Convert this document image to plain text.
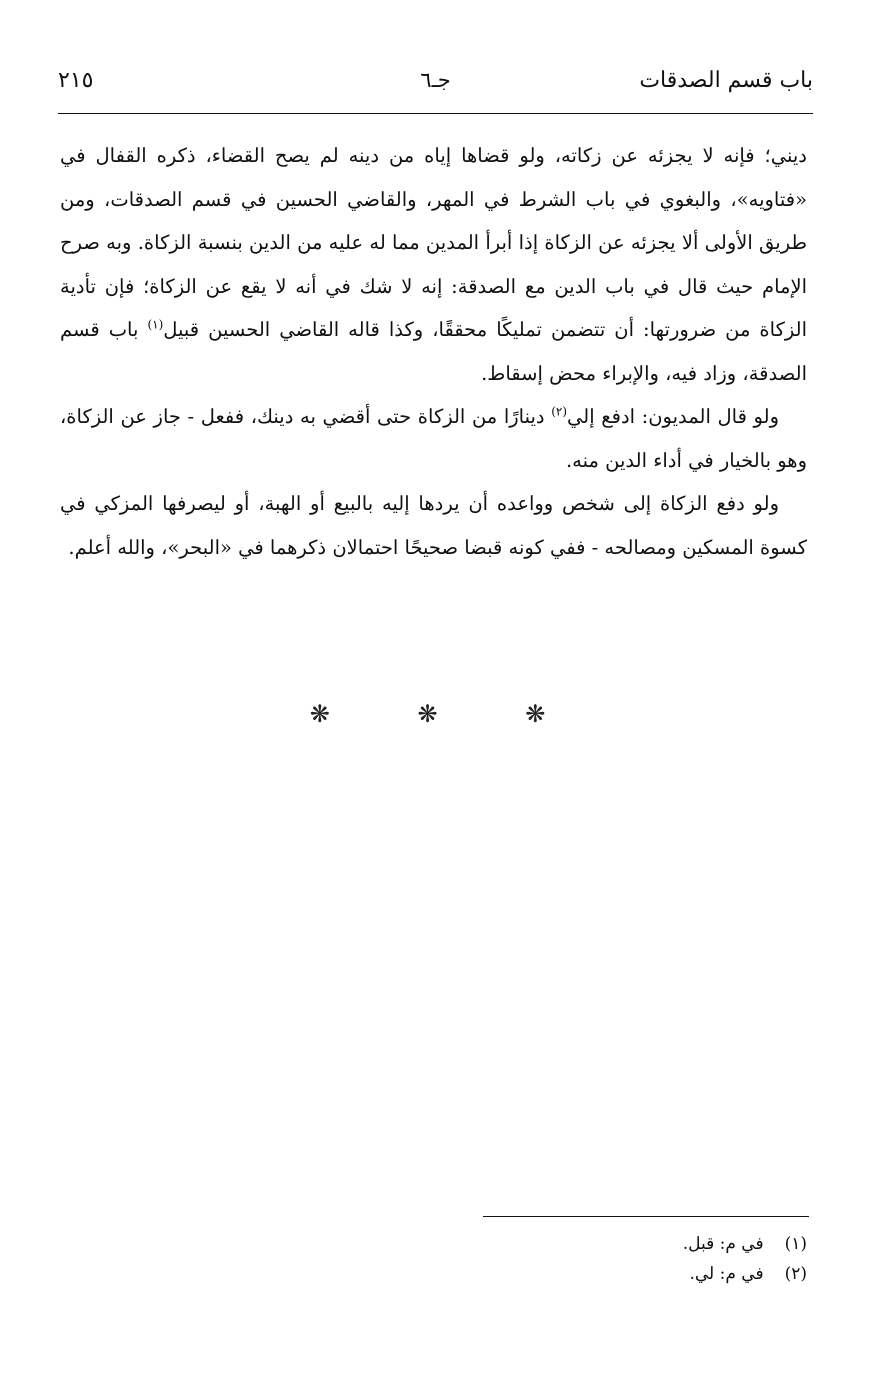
باب قسم الصدقات
جـ٦
٢١٥

ديني؛ فإنه لا يجزئه عن زكاته، ولو قضاها إياه من دينه لم يصح القضاء، ذكره القفال في «فتاويه»، والبغوي في باب الشرط في المهر، والقاضي الحسين في قسم الصدقات، ومن طريق الأولى ألا يجزئه عن الزكاة إذا أبرأ المدين مما له عليه من الدين بنسبة الزكاة. وبه صرح الإمام حيث قال في باب الدين مع الصدقة: إنه لا شك في أنه لا يقع عن الزكاة؛ فإن تأدية الزكاة من ضرورتها: أن تتضمن تمليكًا محققًا، وكذا قاله القاضي الحسين قبيل$^{(١)}$ باب قسم الصدقة، وزاد فيه، والإبراء محض إسقاط.

ولو قال المديون: ادفع إلي$^{(٢)}$ دينارًا من الزكاة حتى أقضي به دينك، ففعل - جاز عن الزكاة، وهو بالخيار في أداء الدين منه.

ولو دفع الزكاة إلى شخص وواعده أن يردها إليه بالبيع أو الهبة، أو ليصرفها المزكي في كسوة المسكين ومصالحه - ففي كونه قبضا صحيحًا احتمالان ذكرهما في «البحر»، والله أعلم.

❋ ❋ ❋
(١) في م: قبل.
(٢) في م: لي.
